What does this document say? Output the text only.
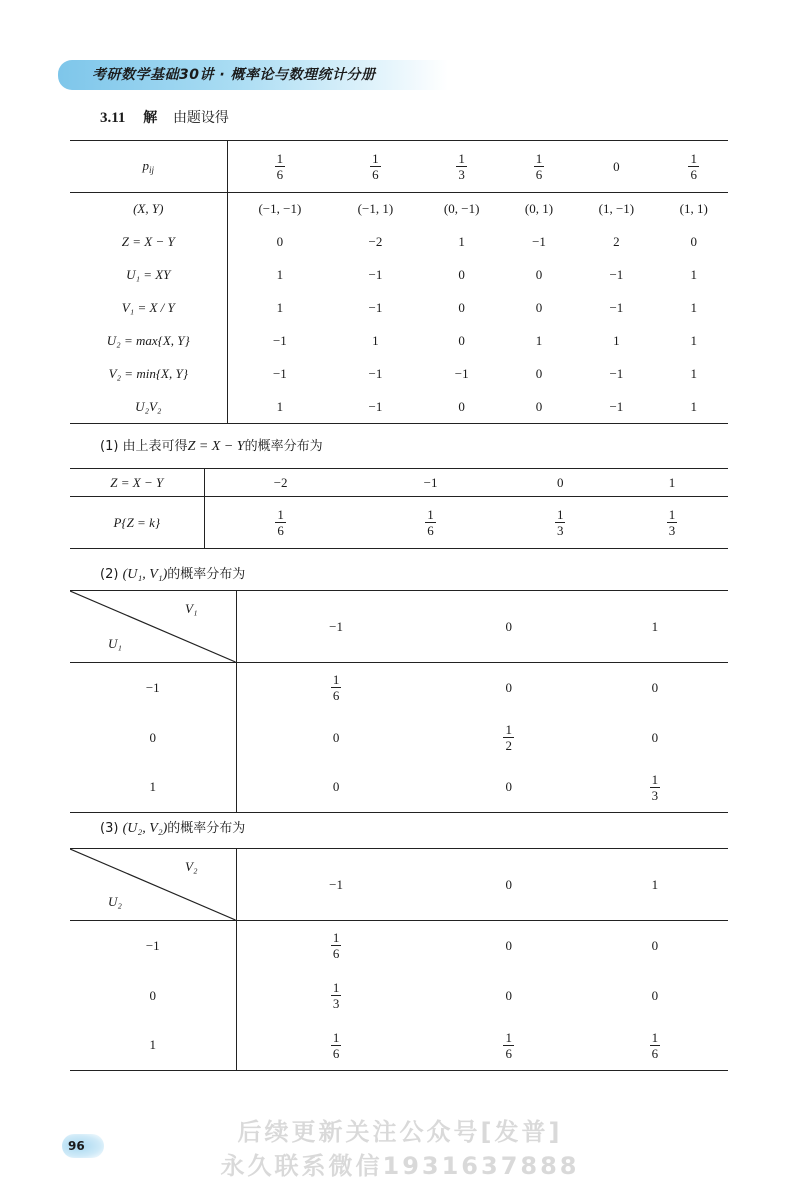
考研数学基础30讲 · 概率论与数理统计分册
3.11 解 由题设得
$p_{ij}$	$\frac{1}{6}$	$\frac{1}{6}$	$\frac{1}{3}$	$\frac{1}{6}$	0	$\frac{1}{6}$

(X, Y)	(−1, −1)	(−1, 1)	(0, −1)	(0, 1)	(1, −1)	(1, 1)
Z = X − Y	0	−2	1	−1	2	0
U₁ = XY	1	−1	0	0	−1	1
V₁ = X / Y	1	−1	0	0	−1	1
U₂ = max{X, Y}	−1	1	0	1	1	1
V₂ = min{X, Y}	−1	−1	−1	0	−1	1
U₂V₂	1	−1	0	0	−1	1
(1) 由上表可得Z = X − Y的概率分布为
Z = X − Y	−2	−1	0	1
P{Z = k}	$\frac{1}{6}$	$\frac{1}{6}$	$\frac{1}{3}$	$\frac{1}{3}$
(2) (U₁, V₁)的概率分布为
V₁
U₁	−1	0	1
−1	$\frac{1}{6}$	0	0
0	0	$\frac{1}{2}$	0
1	0	0	$\frac{1}{3}$
(3) (U₂, V₂)的概率分布为
V₂
U₂	−1	0	1
−1	$\frac{1}{6}$	0	0
0	$\frac{1}{3}$	0	0
1	$\frac{1}{6}$	$\frac{1}{6}$	$\frac{1}{6}$
96	后续更新关注公众号[发普]
永久联系微信1931637888
